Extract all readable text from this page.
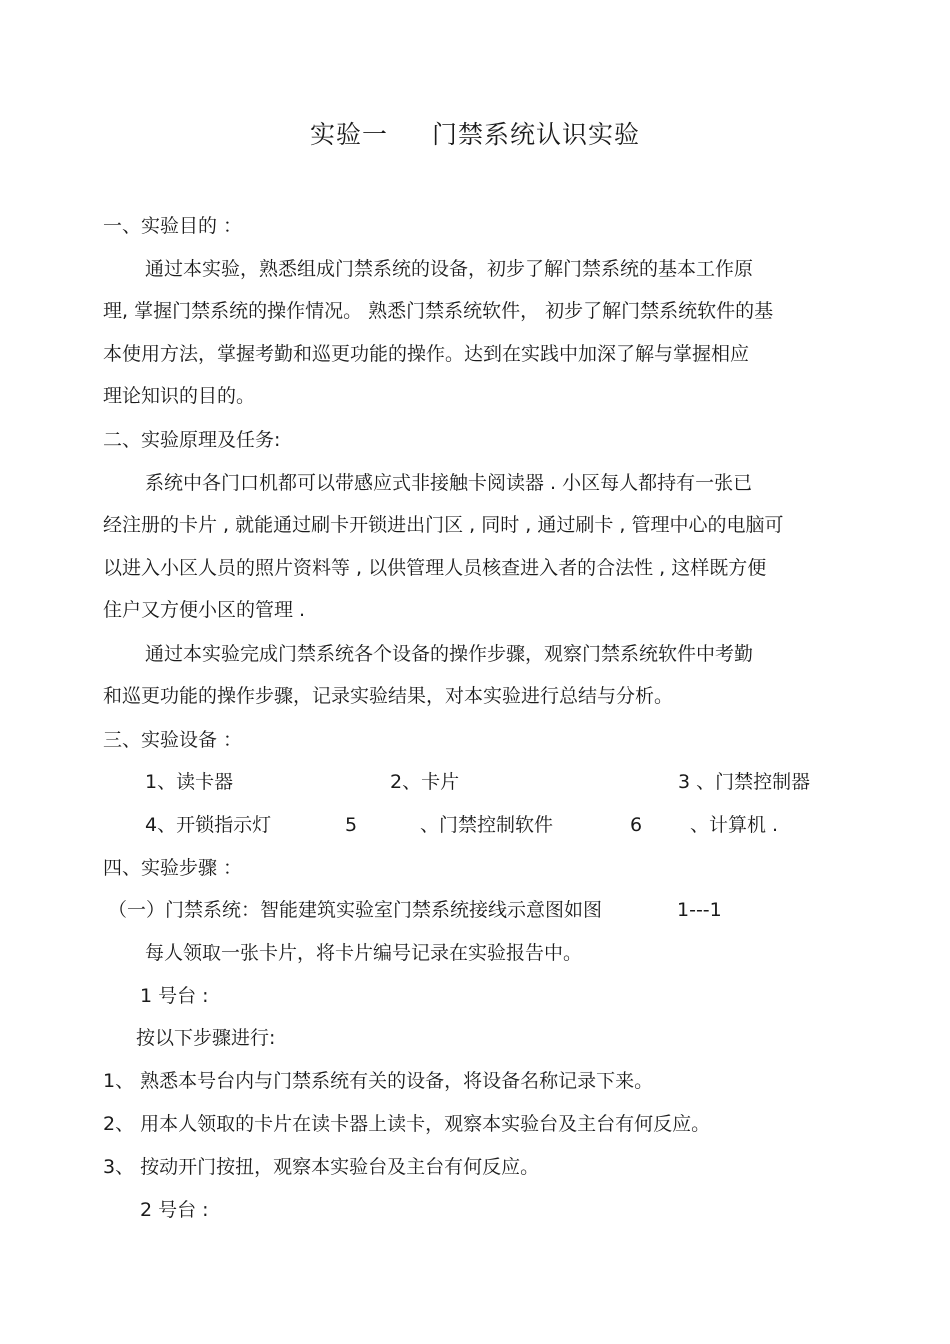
实验一 门禁系统认识实验

一、实验目的 ：

通过本实验，熟悉组成门禁系统的设备，初步了解门禁系统的基本工作原

理, 掌握门禁系统的操作情况。 熟悉门禁系统软件， 初步了解门禁系统软件的基

本使用方法，掌握考勤和巡更功能的操作。达到在实践中加深了解与掌握相应

理论知识的目的。

二、实验原理及任务:

系统中各门口机都可以带感应式非接触卡阅读器 . 小区每人都持有一张已

经注册的卡片 , 就能通过刷卡开锁进出门区 , 同时 , 通过刷卡 , 管理中心的电脑可

以进入小区人员的照片资料等 , 以供管理人员核查进入者的合法性 , 这样既方便

住户又方便小区的管理 .

通过本实验完成门禁系统各个设备的操作步骤，观察门禁系统软件中考勤

和巡更功能的操作步骤，记录实验结果，对本实验进行总结与分析。

三、实验设备 ：

1、读卡器	2、卡片	3 、门禁控制器
4、开锁指示灯	5	、门禁控制软件	6	、计算机 .

四、实验步骤 ：

（一）门禁系统：智能建筑实验室门禁系统接线示意图如图	1---1

每人领取一张卡片，将卡片编号记录在实验报告中。

1 号台 :

按以下步骤进行:

1、 熟悉本号台内与门禁系统有关的设备，将设备名称记录下来。

2、 用本人领取的卡片在读卡器上读卡，观察本实验台及主台有何反应。

3、 按动开门按扭，观察本实验台及主台有何反应。

2 号台 :
